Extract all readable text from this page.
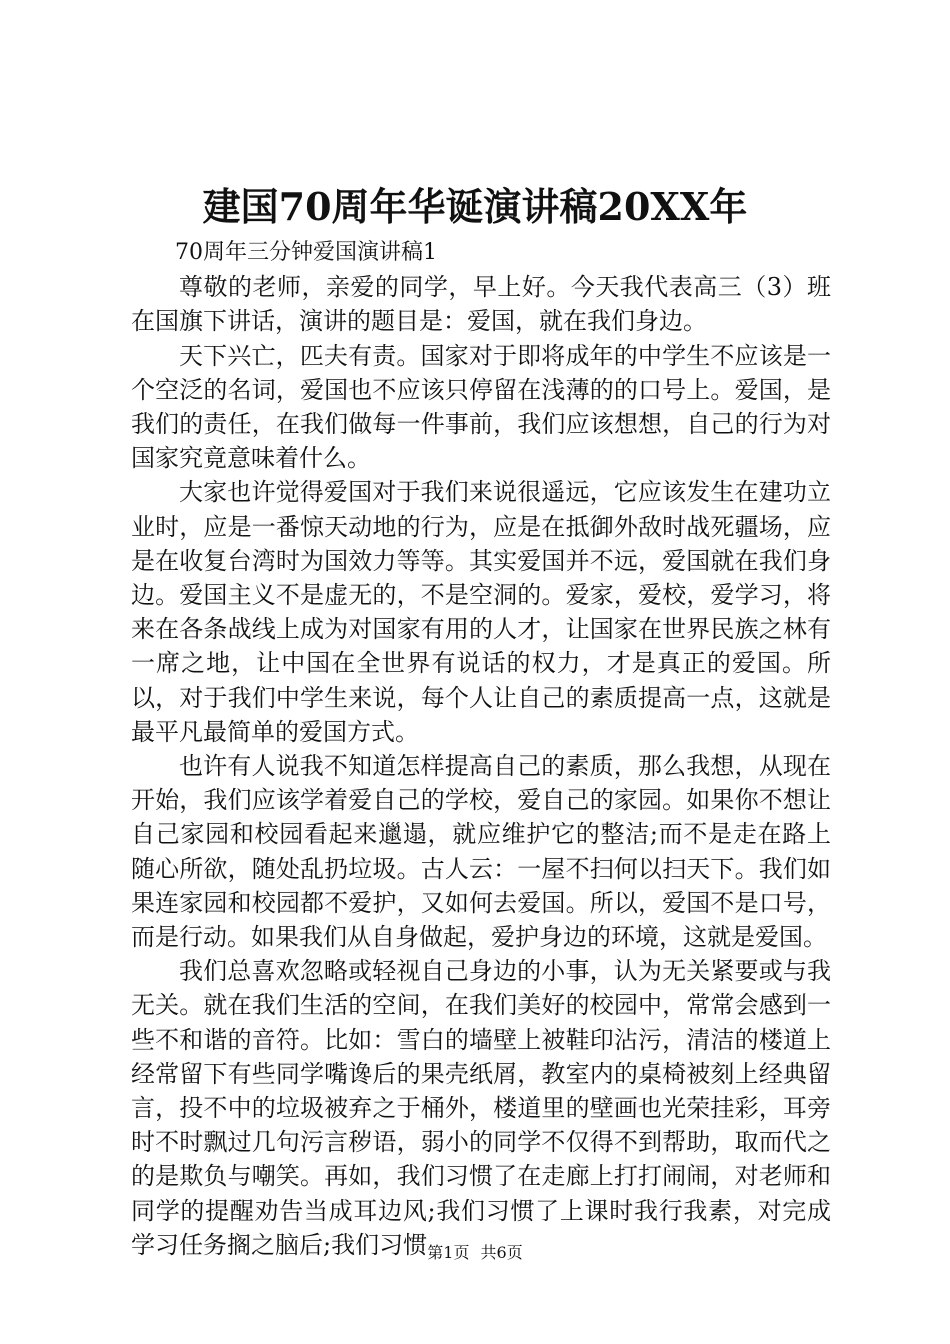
建国70周年华诞演讲稿20XX年
70周年三分钟爱国演讲稿1

尊敬的老师，亲爱的同学，早上好。今天我代表高三（3）班在国旗下讲话，演讲的题目是：爱国，就在我们身边。

天下兴亡，匹夫有责。国家对于即将成年的中学生不应该是一个空泛的名词，爱国也不应该只停留在浅薄的的口号上。爱国，是我们的责任，在我们做每一件事前，我们应该想想，自己的行为对国家究竟意味着什么。

大家也许觉得爱国对于我们来说很遥远，它应该发生在建功立业时，应是一番惊天动地的行为，应是在抵御外敌时战死疆场，应是在收复台湾时为国效力等等。其实爱国并不远，爱国就在我们身边。爱国主义不是虚无的，不是空洞的。爱家，爱校，爱学习，将来在各条战线上成为对国家有用的人才，让国家在世界民族之林有一席之地，让中国在全世界有说话的权力，才是真正的爱国。所以，对于我们中学生来说，每个人让自己的素质提高一点，这就是最平凡最简单的爱国方式。

也许有人说我不知道怎样提高自己的素质，那么我想，从现在开始，我们应该学着爱自己的学校，爱自己的家园。如果你不想让自己家园和校园看起来邋遢，就应维护它的整洁;而不是走在路上随心所欲，随处乱扔垃圾。古人云：一屋不扫何以扫天下。我们如果连家园和校园都不爱护，又如何去爱国。所以，爱国不是口号，而是行动。如果我们从自身做起，爱护身边的环境，这就是爱国。

我们总喜欢忽略或轻视自己身边的小事，认为无关紧要或与我无关。就在我们生活的空间，在我们美好的校园中，常常会感到一些不和谐的音符。比如：雪白的墙壁上被鞋印沾污，清洁的楼道上经常留下有些同学嘴谗后的果壳纸屑，教室内的桌椅被刻上经典留言，投不中的垃圾被弃之于桶外，楼道里的壁画也光荣挂彩，耳旁时不时飘过几句污言秽语，弱小的同学不仅得不到帮助，取而代之的是欺负与嘲笑。再如，我们习惯了在走廊上打打闹闹，对老师和同学的提醒劝告当成耳边风;我们习惯了上课时我行我素，对完成学习任务搁之脑后;我们习惯 第1页 共6页
